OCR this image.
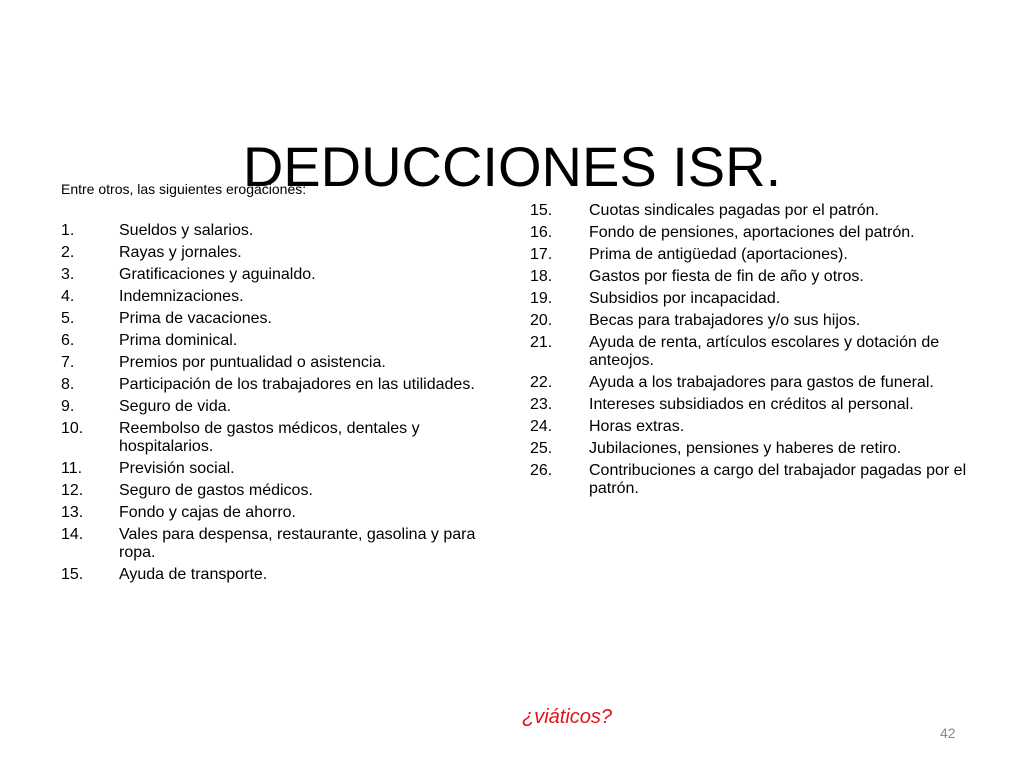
DEDUCCIONES ISR.
Entre otros, las siguientes erogaciones:
1.	Sueldos y salarios.
2.	Rayas y jornales.
3.	Gratificaciones y aguinaldo.
4.	Indemnizaciones.
5.	Prima de vacaciones.
6.	Prima dominical.
7.	Premios por puntualidad o asistencia.
8.	Participación de los trabajadores en las utilidades.
9.	Seguro de vida.
10.	Reembolso de gastos médicos, dentales y hospitalarios.
11.	Previsión social.
12.	Seguro de gastos médicos.
13.	Fondo y cajas de ahorro.
14.	Vales para despensa, restaurante, gasolina y para ropa.
15.	Ayuda de transporte.
15.	Cuotas sindicales pagadas por el patrón.
16.	Fondo de pensiones, aportaciones del patrón.
17.	Prima de antigüedad (aportaciones).
18.	Gastos por fiesta de fin de año y otros.
19.	Subsidios por incapacidad.
20.	Becas para trabajadores y/o sus hijos.
21.	Ayuda de renta, artículos escolares y dotación de anteojos.
22.	Ayuda a los trabajadores para gastos de funeral.
23.	Intereses subsidiados en créditos al personal.
24.	Horas extras.
25.	Jubilaciones, pensiones y haberes de retiro.
26.	Contribuciones a cargo del trabajador pagadas por el patrón.
¿viáticos?
42
